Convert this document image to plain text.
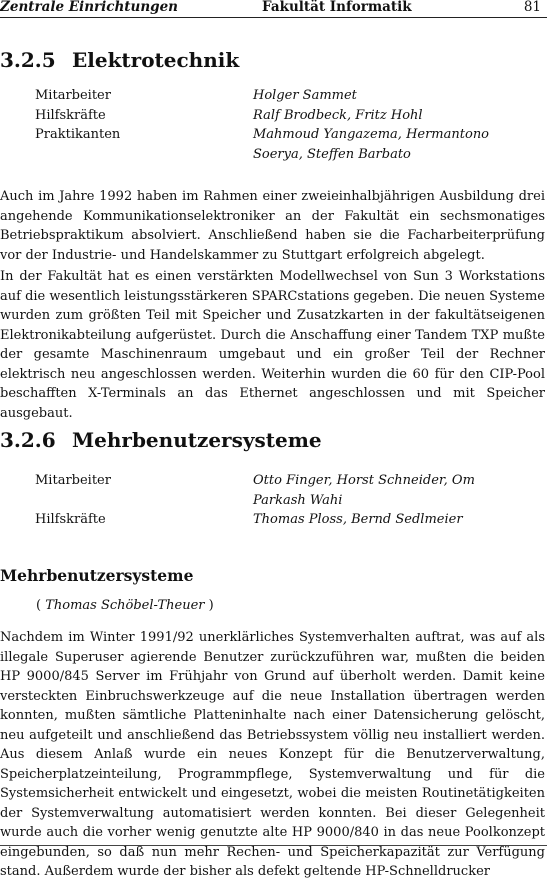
Zentrale Einrichtungen	Fakultät Informatik	81
3.2.5 Elektrotechnik
Mitarbeiter	Holger Sammet
Hilfskräfte	Ralf Brodbeck, Fritz Hohl
Praktikanten	Mahmoud Yangazema, Hermantono Soerya, Steffen Barbato

Auch im Jahre 1992 haben im Rahmen einer zweieinhalbjährigen Ausbildung drei angehende Kommunikationselektroniker an der Fakultät ein sechsmonatiges Betriebspraktikum absolviert. Anschließend haben sie die Facharbeiterprüfung vor der Industrie- und Handelskammer zu Stuttgart erfolgreich abgelegt.

In der Fakultät hat es einen verstärkten Modellwechsel von Sun 3 Workstations auf die wesentlich leistungsstärkeren SPARCstations gegeben. Die neuen Systeme wurden zum größten Teil mit Speicher und Zusatzkarten in der fakultätseigenen Elektronikabteilung aufgerüstet. Durch die Anschaffung einer Tandem TXP mußte der gesamte Maschinenraum umgebaut und ein großer Teil der Rechner elektrisch neu angeschlossen werden. Weiterhin wurden die 60 für den CIP-Pool beschafften X-Terminals an das Ethernet angeschlossen und mit Speicher ausgebaut.

3.2.6 Mehrbenutzersysteme
Mitarbeiter	Otto Finger, Horst Schneider, Om Parkash Wahi
Hilfskräfte	Thomas Ploss, Bernd Sedlmeier
Mehrbenutzersysteme
( Thomas Schöbel-Theuer )

Nachdem im Winter 1991/92 unerklärliches Systemverhalten auftrat, was auf als illegale Superuser agierende Benutzer zurückzuführen war, mußten die beiden HP 9000/845 Server im Frühjahr von Grund auf überholt werden. Damit keine versteckten Einbruchswerkzeuge auf die neue Installation übertragen werden konnten, mußten sämtliche Platteninhalte nach einer Datensicherung gelöscht, neu aufgeteilt und anschließend das Betriebssystem völlig neu installiert werden. Aus diesem Anlaß wurde ein neues Konzept für die Benutzerverwaltung, Speicherplatzeinteilung, Programmpflege, Systemverwaltung und für die Systemsicherheit entwickelt und eingesetzt, wobei die meisten Routinetätigkeiten der Systemverwaltung automatisiert werden konnten. Bei dieser Gelegenheit wurde auch die vorher wenig genutzte alte HP 9000/840 in das neue Poolkonzept eingebunden, so daß nun mehr Rechen- und Speicherkapazität zur Verfügung stand. Außerdem wurde der bisher als defekt geltende HP-Schnelldrucker
